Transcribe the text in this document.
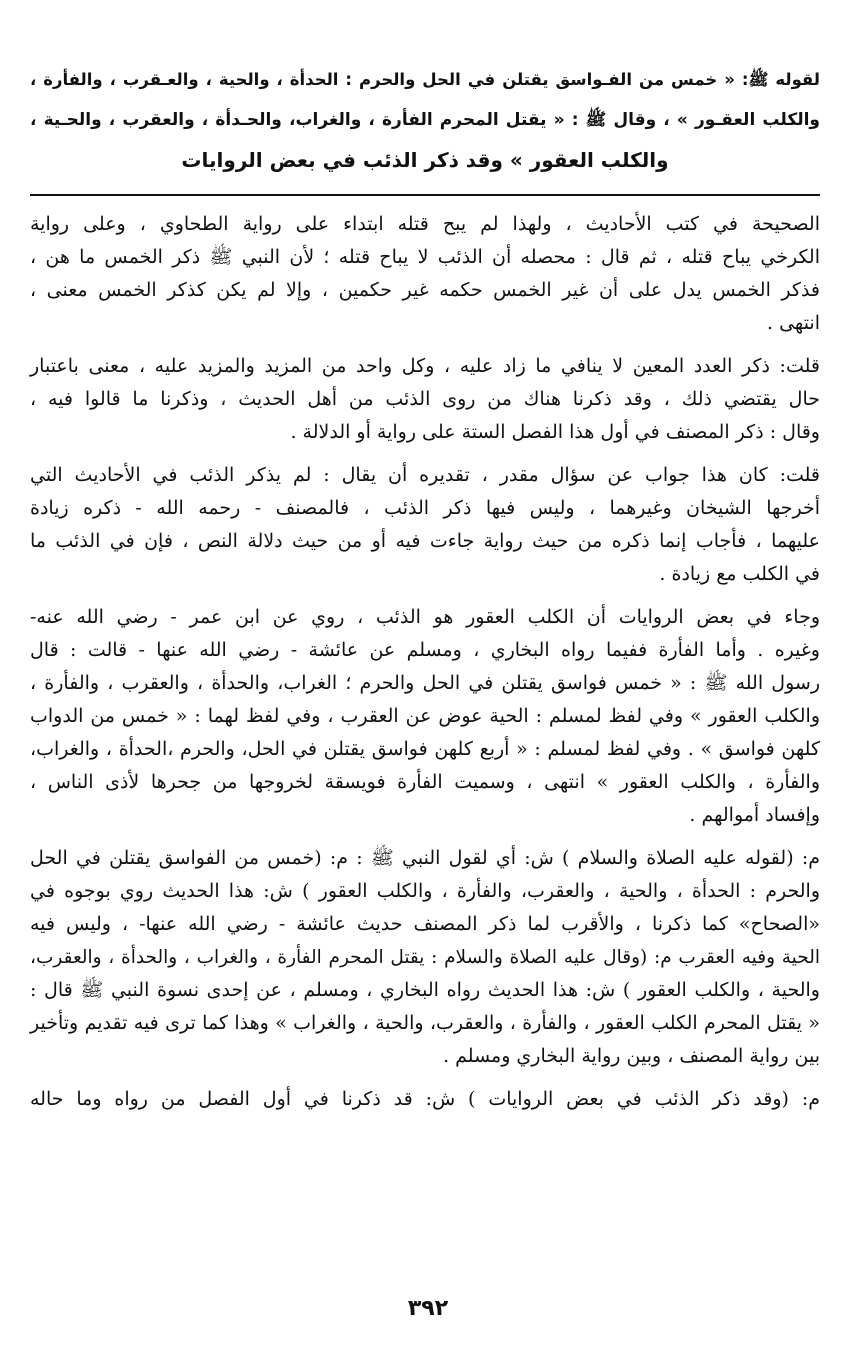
لقوله ﷺ: « خمس من الفـواسق يقتلن في الحل والحرم : الحدأة ، والحية ، والعـقرب ، والفأرة ،
والكلب العقـور » ، وقال ﷺ : « يقتل المحرم الفأرة ، والغراب، والحـدأة ، والعقرب ، والحـية ،
والكلب العقور » وقد ذكر الذئب في بعض الروايات
الصحيحة في كتب الأحاديث ، ولهذا لم يبح قتله ابتداء على رواية الطحاوي ، وعلى رواية
الكرخي يباح قتله ، ثم قال : محصله أن الذئب لا يباح قتله ؛ لأن النبي ﷺ ذكر الخمس ما هن ،
فذكر الخمس يدل على أن غير الخمس حكمه غير حكمين ، وإلا لم يكن كذكر الخمس معنى ،
انتهى .
قلت: ذكر العدد المعين لا ينافي ما زاد عليه ، وكل واحد من المزيد والمزيد عليه ، معنى باعتبار
حال يقتضي ذلك ، وقد ذكرنا هناك من روى الذئب من أهل الحديث ، وذكرنا ما قالوا فيه ،
وقال : ذكر المصنف في أول هذا الفصل الستة على رواية أو الدلالة .
قلت: كان هذا جواب عن سؤال مقدر ، تقديره أن يقال : لم يذكر الذئب في الأحاديث التي
أخرجها الشيخان وغيرهما ، وليس فيها ذكر الذئب ، فالمصنف - رحمه الله - ذكره زيادة
عليهما ، فأجاب إنما ذكره من حيث رواية جاءت فيه أو من حيث دلالة النص ، فإن في الذئب ما
في الكلب مع زيادة .
وجاء في بعض الروايات أن الكلب العقور هو الذئب ، روي عن ابن عمر - رضي الله عنه-
وغيره . وأما الفأرة ففيما رواه البخاري ، ومسلم عن عائشة - رضي الله عنها - قالت : قال
رسول الله ﷺ : « خمس فواسق يقتلن في الحل والحرم ؛ الغراب، والحدأة ، والعقرب ، والفأرة ،
والكلب العقور » وفي لفظ لمسلم : الحية عوض عن العقرب ، وفي لفظ لهما : « خمس من الدواب
كلهن فواسق » . وفي لفظ لمسلم : « أربع كلهن فواسق يقتلن في الحل، والحرم ،الحدأة ، والغراب،
والفأرة ، والكلب العقور » انتهى ، وسميت الفأرة فويسقة لخروجها من جحرها لأذى الناس ،
وإفساد أموالهم .
م: (لقوله عليه الصلاة والسلام ) ش: أي لقول النبي ﷺ : م: (خمس من الفواسق يقتلن في الحل
والحرم : الحدأة ، والحية ، والعقرب، والفأرة ، والكلب العقور ) ش: هذا الحديث روي بوجوه في
«الصحاح» كما ذكرنا ، والأقرب لما ذكر المصنف حديث عائشة - رضي الله عنها- ، وليس فيه
الحية وفيه العقرب م: (وقال عليه الصلاة والسلام : يقتل المحرم الفأرة ، والغراب ، والحدأة ، والعقرب،
والحية ، والكلب العقور ) ش: هذا الحديث رواه البخاري ، ومسلم ، عن إحدى نسوة النبي ﷺ قال :
« يقتل المحرم الكلب العقور ، والفأرة ، والعقرب، والحية ، والغراب » وهذا كما ترى فيه تقديم وتأخير
بين رواية المصنف ، وبين رواية البخاري ومسلم .
م: (وقد ذكر الذئب في بعض الروايات ) ش: قد ذكرنا في أول الفصل من رواه وما حاله
٣٩٢
